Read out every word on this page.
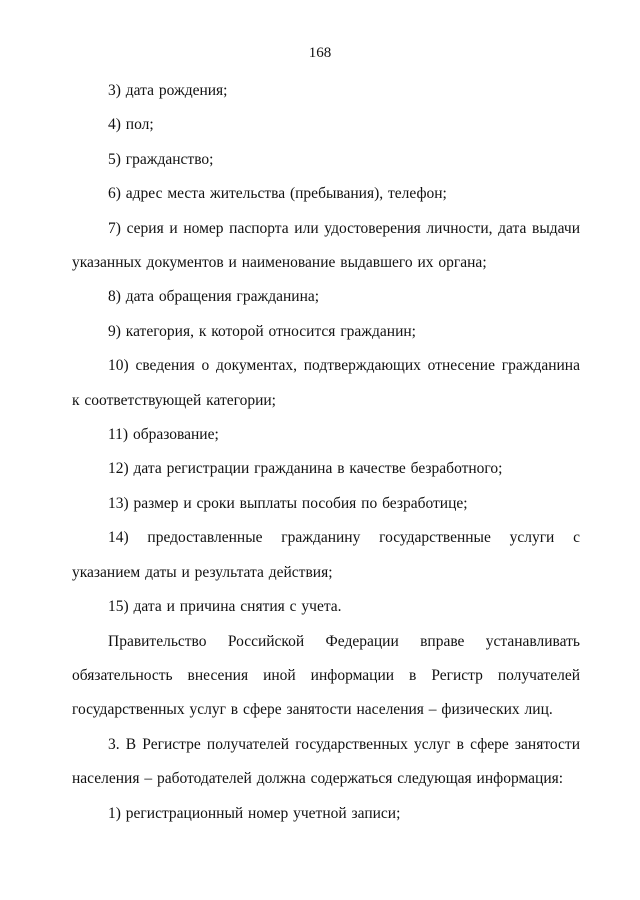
168

3) дата рождения;

4) пол;

5) гражданство;

6) адрес места жительства (пребывания), телефон;

7) серия и номер паспорта или удостоверения личности, дата выдачи указанных документов и наименование выдавшего их органа;

8) дата обращения гражданина;

9) категория, к которой относится гражданин;

10) сведения о документах, подтверждающих отнесение гражданина к соответствующей категории;

11) образование;

12) дата регистрации гражданина в качестве безработного;

13) размер и сроки выплаты пособия по безработице;

14) предоставленные гражданину государственные услуги с указанием даты и результата действия;

15) дата и причина снятия с учета.

Правительство Российской Федерации вправе устанавливать обязательность внесения иной информации в Регистр получателей государственных услуг в сфере занятости населения – физических лиц.

3. В Регистре получателей государственных услуг в сфере занятости населения – работодателей должна содержаться следующая информация:

1) регистрационный номер учетной записи;
